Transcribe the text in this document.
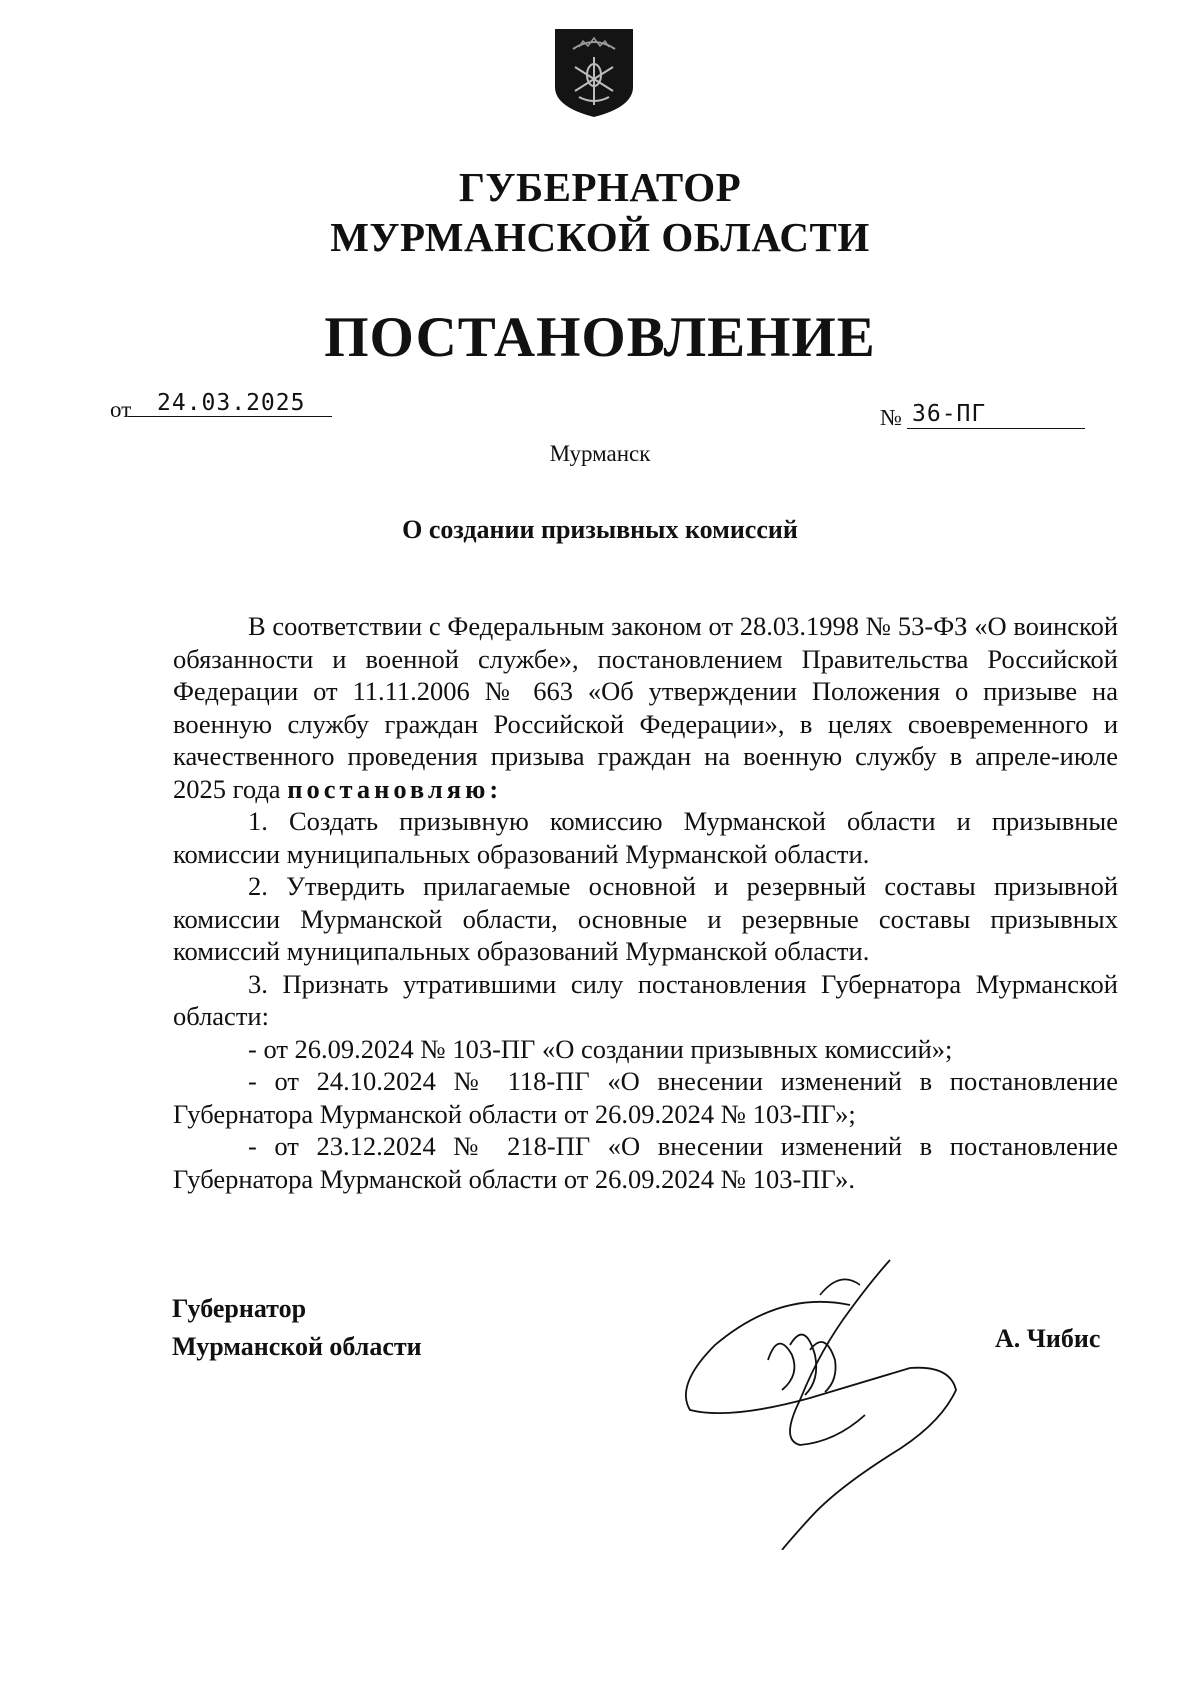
ГУБЕРНАТОР
МУРМАНСКОЙ ОБЛАСТИ
ПОСТАНОВЛЕНИЕ
от 24.03.2025
№ 36-ПГ
Мурманск
О создании призывных комиссий

В соответствии с Федеральным законом от 28.03.1998 № 53-ФЗ «О воинской обязанности и военной службе», постановлением Правительства Российской Федерации от 11.11.2006 № 663 «Об утверждении Положения о призыве на военную службу граждан Российской Федерации», в целях своевременного и качественного проведения призыва граждан на военную службу в апреле-июле 2025 года постановляю:

1. Создать призывную комиссию Мурманской области и призывные комиссии муниципальных образований Мурманской области.

2. Утвердить прилагаемые основной и резервный составы призывной комиссии Мурманской области, основные и резервные составы призывных комиссий муниципальных образований Мурманской области.

3. Признать утратившими силу постановления Губернатора Мурманской области:

- от 26.09.2024 № 103-ПГ «О создании призывных комиссий»;

- от 24.10.2024 № 118-ПГ «О внесении изменений в постановление Губернатора Мурманской области от 26.09.2024 № 103-ПГ»;

- от 23.12.2024 № 218-ПГ «О внесении изменений в постановление Губернатора Мурманской области от 26.09.2024 № 103-ПГ».

Губернатор
Мурманской области	А. Чибис
